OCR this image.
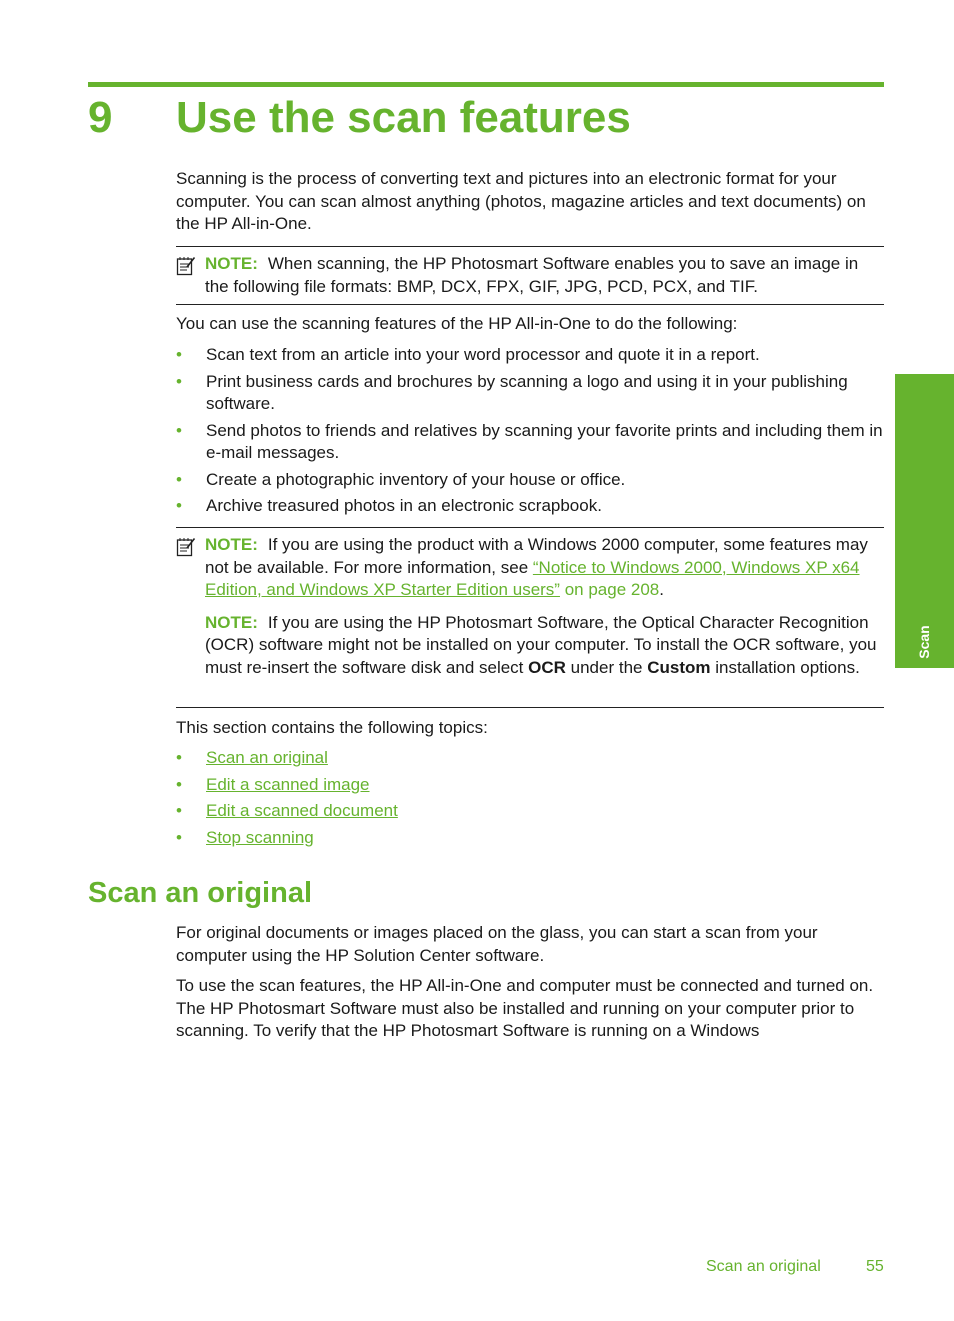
9	Use the scan features

Scanning is the process of converting text and pictures into an electronic format for your computer. You can scan almost anything (photos, magazine articles and text documents) on the HP All-in-One.

NOTE: When scanning, the HP Photosmart Software enables you to save an image in the following file formats: BMP, DCX, FPX, GIF, JPG, PCD, PCX, and TIF.

You can use the scanning features of the HP All-in-One to do the following:

• Scan text from an article into your word processor and quote it in a report.
• Print business cards and brochures by scanning a logo and using it in your publishing software.
• Send photos to friends and relatives by scanning your favorite prints and including them in e-mail messages.
• Create a photographic inventory of your house or office.
• Archive treasured photos in an electronic scrapbook.

NOTE: If you are using the product with a Windows 2000 computer, some features may not be available. For more information, see “Notice to Windows 2000, Windows XP x64 Edition, and Windows XP Starter Edition users” on page 208.

NOTE: If you are using the HP Photosmart Software, the Optical Character Recognition (OCR) software might not be installed on your computer. To install the OCR software, you must re-insert the software disk and select OCR under the Custom installation options.

This section contains the following topics:

• Scan an original
• Edit a scanned image
• Edit a scanned document
• Stop scanning
Scan an original

For original documents or images placed on the glass, you can start a scan from your computer using the HP Solution Center software.

To use the scan features, the HP All-in-One and computer must be connected and turned on. The HP Photosmart Software must also be installed and running on your computer prior to scanning. To verify that the HP Photosmart Software is running on a Windows

Scan
Scan an original	55
